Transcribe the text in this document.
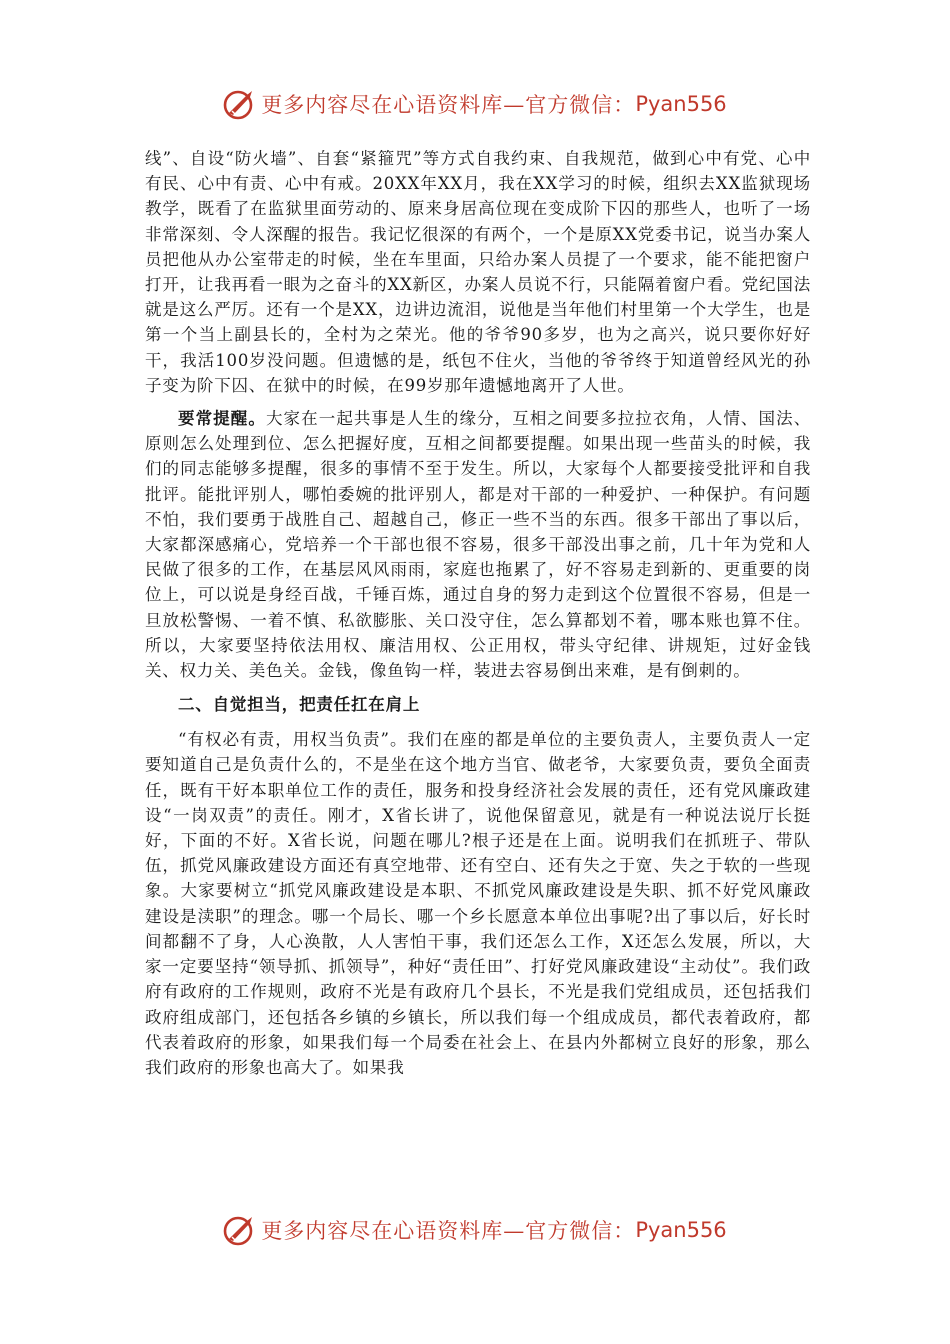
更多内容尽在心语资料库—官方微信： Pyan556

线”、自设“防火墙”、自套“紧箍咒”等方式自我约束、自我规范，做到心中有党、心中有民、心中有责、心中有戒。20XX年XX月，我在XX学习的时候，组织去XX监狱现场教学，既看了在监狱里面劳动的、原来身居高位现在变成阶下囚的那些人，也听了一场非常深刻、令人深醒的报告。我记忆很深的有两个，一个是原XX党委书记，说当办案人员把他从办公室带走的时候，坐在车里面，只给办案人员提了一个要求，能不能把窗户打开，让我再看一眼为之奋斗的XX新区，办案人员说不行，只能隔着窗户看。党纪国法就是这么严厉。还有一个是XX，边讲边流泪，说他是当年他们村里第一个大学生，也是第一个当上副县长的，全村为之荣光。他的爷爷90多岁，也为之高兴，说只要你好好干，我活100岁没问题。但遗憾的是，纸包不住火，当他的爷爷终于知道曾经风光的孙子变为阶下囚、在狱中的时候，在99岁那年遗憾地离开了人世。

要常提醒。大家在一起共事是人生的缘分，互相之间要多拉拉衣角，人情、国法、原则怎么处理到位、怎么把握好度，互相之间都要提醒。如果出现一些苗头的时候，我们的同志能够多提醒，很多的事情不至于发生。所以，大家每个人都要接受批评和自我批评。能批评别人，哪怕委婉的批评别人，都是对干部的一种爱护、一种保护。有问题不怕，我们要勇于战胜自己、超越自己，修正一些不当的东西。很多干部出了事以后，大家都深感痛心，党培养一个干部也很不容易，很多干部没出事之前，几十年为党和人民做了很多的工作，在基层风风雨雨，家庭也拖累了，好不容易走到新的、更重要的岗位上，可以说是身经百战，千锤百炼，通过自身的努力走到这个位置很不容易，但是一旦放松警惕、一着不慎、私欲膨胀、关口没守住，怎么算都划不着，哪本账也算不住。所以，大家要坚持依法用权、廉洁用权、公正用权，带头守纪律、讲规矩，过好金钱关、权力关、美色关。金钱，像鱼钩一样，装进去容易倒出来难，是有倒刺的。

二、自觉担当，把责任扛在肩上

“有权必有责，用权当负责”。我们在座的都是单位的主要负责人，主要负责人一定要知道自己是负责什么的，不是坐在这个地方当官、做老爷，大家要负责，要负全面责任，既有干好本职单位工作的责任，服务和投身经济社会发展的责任，还有党风廉政建设“一岗双责”的责任。刚才，X省长讲了，说他保留意见，就是有一种说法说厅长挺好，下面的不好。X省长说，问题在哪儿?根子还是在上面。说明我们在抓班子、带队伍，抓党风廉政建设方面还有真空地带、还有空白、还有失之于宽、失之于软的一些现象。大家要树立“抓党风廉政建设是本职、不抓党风廉政建设是失职、抓不好党风廉政建设是渎职”的理念。哪一个局长、哪一个乡长愿意本单位出事呢?出了事以后，好长时间都翻不了身，人心涣散，人人害怕干事，我们还怎么工作，X还怎么发展，所以，大家一定要坚持“领导抓、抓领导”，种好“责任田”、打好党风廉政建设“主动仗”。我们政府有政府的工作规则，政府不光是有政府几个县长，不光是我们党组成员，还包括我们政府组成部门，还包括各乡镇的乡镇长，所以我们每一个组成成员，都代表着政府，都代表着政府的形象，如果我们每一个局委在社会上、在县内外都树立良好的形象，那么我们政府的形象也高大了。如果我

更多内容尽在心语资料库—官方微信： Pyan556
